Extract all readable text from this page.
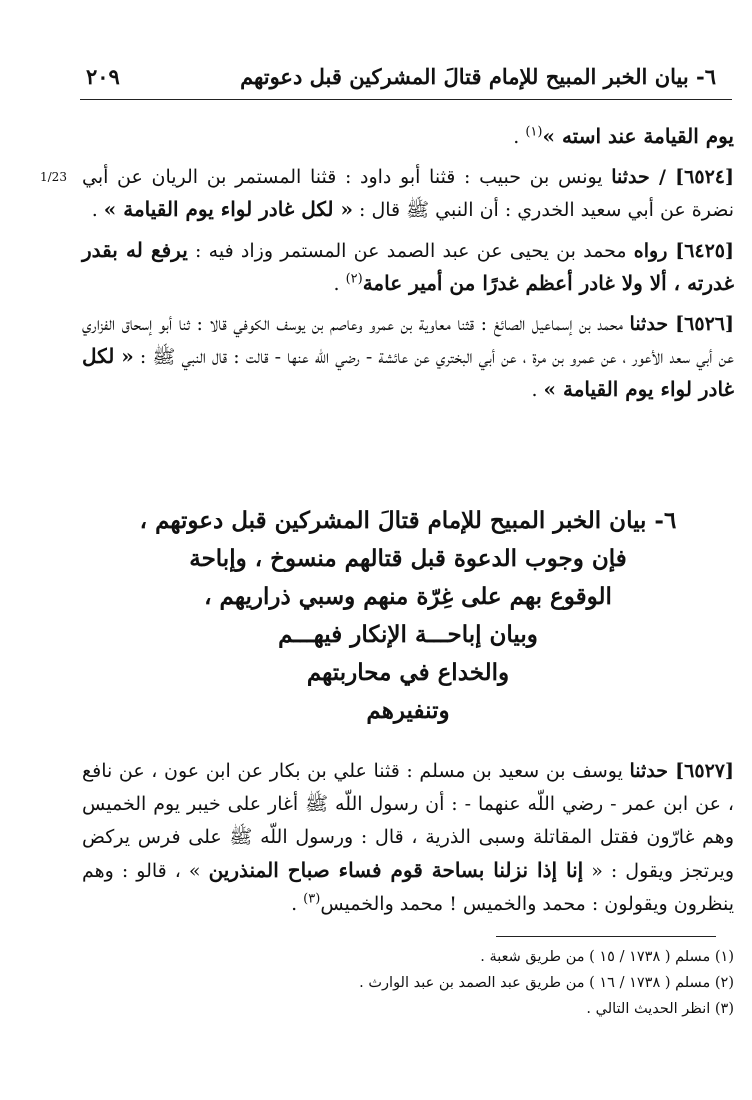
٦- بيان الخبر المبيح للإمام قتالَ المشركين قبل دعوتهم
٢٠٩
1/23

يوم القيامة عند استه »$^{(١)}$ .

[٦٥٢٤] / حدثنا يونس بن حبيب : قثنا أبو داود : قثنا المستمر بن الريان عن أبي نضرة عن أبي سعيد الخدري : أن النبي ﷺ قال : « لكل غادر لواء يوم القيامة » .

[٦٤٢٥] رواه محمد بن يحيى عن عبد الصمد عن المستمر وزاد فيه : يرفع له بقدر غدرته ، ألا ولا غادر أعظم غدرًا من أمير عامة$^{(٢)}$ .

[٦٥٢٦] حدثنا محمد بن إسماعيل الصائغ : قثنا معاوية بن عمرو وعاصم بن يوسف الكوفي قالا : ثنا أبو إسحاق الفزاري عن أبي سعد الأعور ، عن عمرو بن مرة ، عن أبي البختري عن عائشة - رضي اللّه عنها - قالت : قال النبي ﷺ : « لكل غادر لواء يوم القيامة » .

٦- بيان الخبر المبيح للإمام قتالَ المشركين قبل دعوتهم ،
فإن وجوب الدعوة قبل قتالهم منسوخ ، وإباحة
الوقوع بهم على غِرّة منهم وسبي ذراريهم ،
وبيان إباحـــة الإنكار فيهـــم
والخداع في محاربتهم
وتنفيرهم
[٦٥٢٧] حدثنا يوسف بن سعيد بن مسلم : قثنا علي بن بكار عن ابن عون ، عن نافع ، عن ابن عمر - رضي اللّه عنهما - : أن رسول اللّه ﷺ أغار على خيبر يوم الخميس وهم غارّون فقتل المقاتلة وسبى الذرية ، قال : ورسول اللّه ﷺ على فرس يركض ويرتجز ويقول : « إنا إذا نزلنا بساحة قوم فساء صباح المنذرين » ، قالو : وهم ينظرون ويقولون : محمد والخميس ! محمد والخميس$^{(٣)}$ .
(١) مسلم ( ١٧٣٨ / ١٥ ) من طريق شعبة .
(٢) مسلم ( ١٧٣٨ / ١٦ ) من طريق عبد الصمد بن عبد الوارث .
(٣) انظر الحديث التالي .
